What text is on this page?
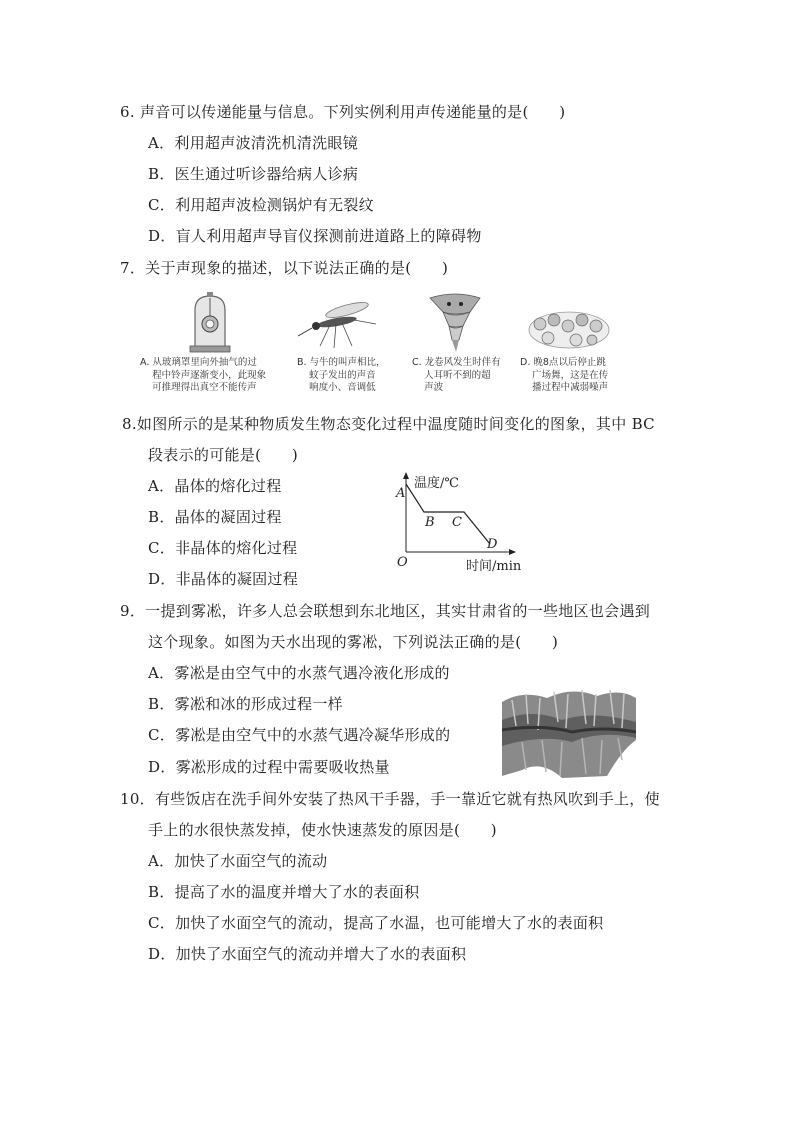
6. 声音可以传递能量与信息。下列实例利用声传递能量的是(　　)
A．利用超声波清洗机清洗眼镜
B．医生通过听诊器给病人诊病
C．利用超声波检测锅炉有无裂纹
D．盲人利用超声导盲仪探测前进道路上的障碍物
7．关于声现象的描述，以下说法正确的是(　　)
A. 从玻璃罩里向外抽气的过
程中铃声逐渐变小，此现象
可推理得出真空不能传声
B. 与牛的叫声相比，
蚊子发出的声音
响度小、音调低
C. 龙卷风发生时伴有
人耳听不到的超
声波
D. 晚8点以后停止跳
广场舞，这是在传
播过程中减弱噪声
8.如图所示的是某种物质发生物态变化过程中温度随时间变化的图象，其中 BC
段表示的可能是(　　)
A．晶体的熔化过程
B．晶体的凝固过程
C．非晶体的熔化过程
D．非晶体的凝固过程
温度/℃
A
B C
D
O	时间/min
9．一提到雾凇，许多人总会联想到东北地区，其实甘肃省的一些地区也会遇到
这个现象。如图为天水出现的雾凇，下列说法正确的是(　　)
A．雾凇是由空气中的水蒸气遇冷液化形成的
B．雾凇和冰的形成过程一样
C．雾凇是由空气中的水蒸气遇冷凝华形成的
D．雾凇形成的过程中需要吸收热量
10．有些饭店在洗手间外安装了热风干手器，手一靠近它就有热风吹到手上，使
手上的水很快蒸发掉，使水快速蒸发的原因是(　　)
A．加快了水面空气的流动
B．提高了水的温度并增大了水的表面积
C．加快了水面空气的流动，提高了水温，也可能增大了水的表面积
D．加快了水面空气的流动并增大了水的表面积
